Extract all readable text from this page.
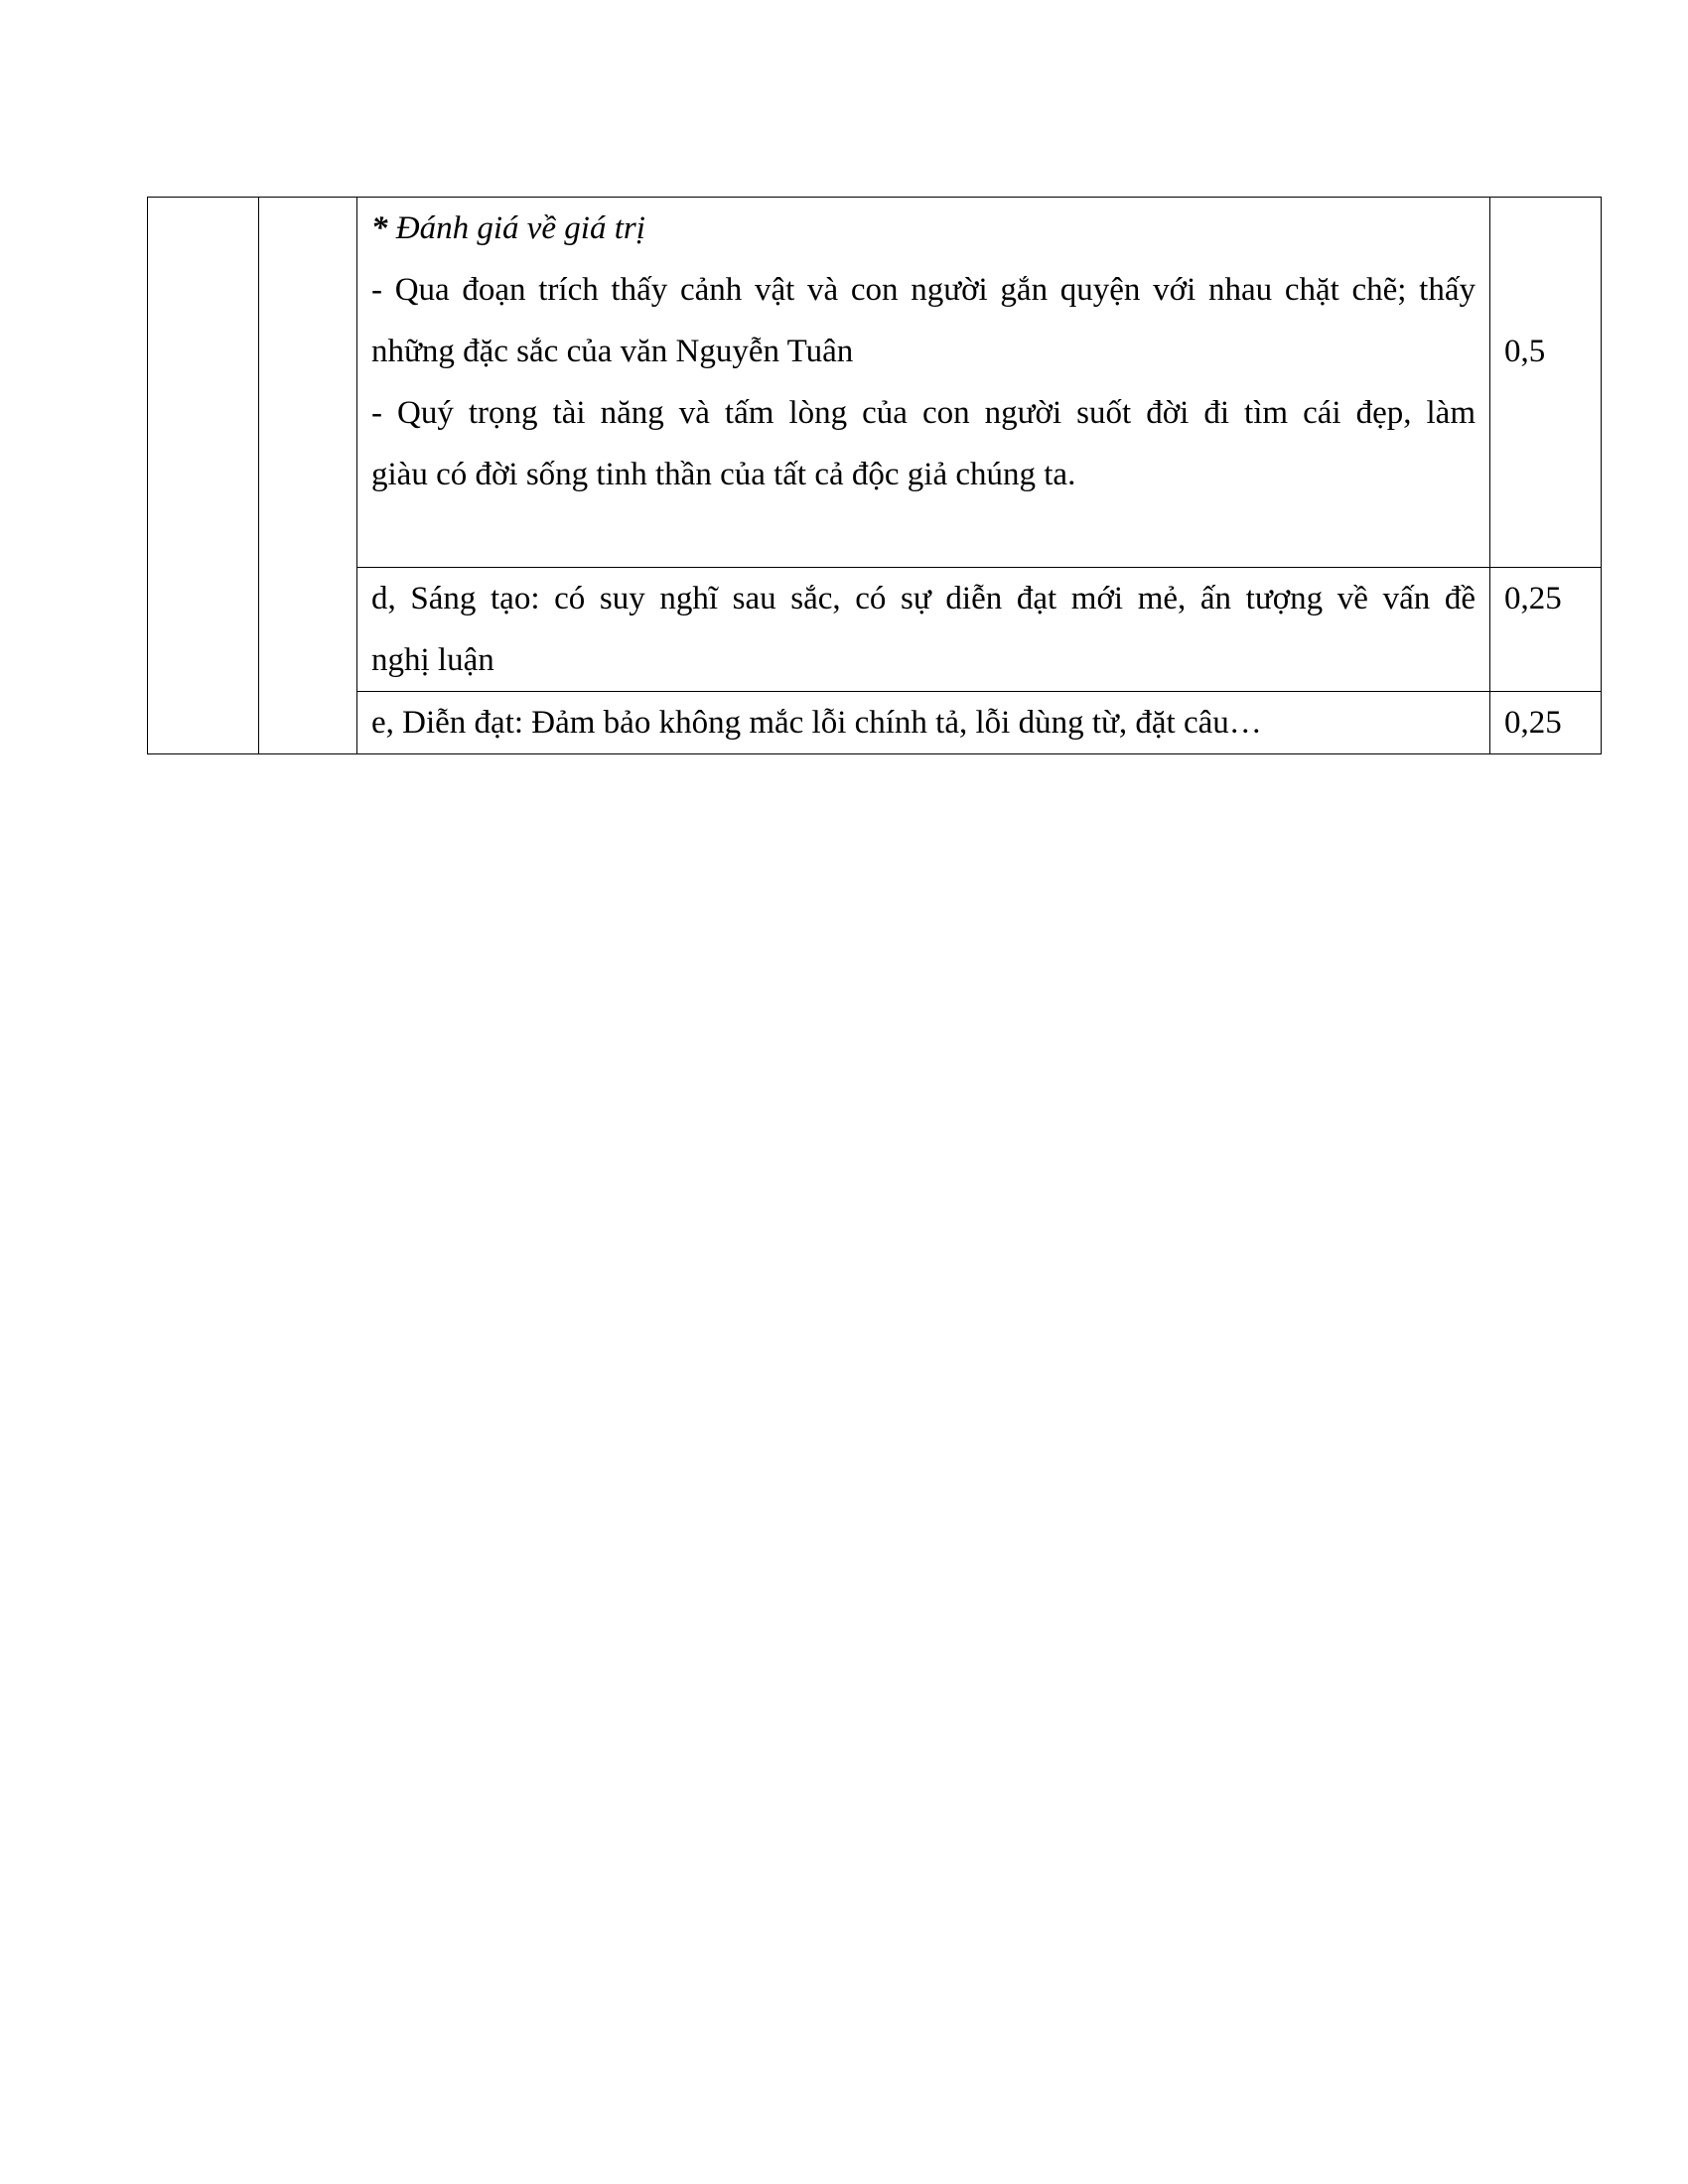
		* Đánh giá về giá trị
- Qua đoạn trích thấy cảnh vật và con người gắn quyện với nhau chặt chẽ; thấy
những đặc sắc của văn Nguyễn Tuân
- Quý trọng tài năng và tấm lòng của con người suốt đời đi tìm cái đẹp, làm
giàu có đời sống tinh thần của tất cả độc giả chúng ta.	0,5

		d, Sáng tạo: có suy nghĩ sau sắc, có sự diễn đạt mới mẻ, ấn tượng về vấn đề
nghị luận	0,25

		e, Diễn đạt: Đảm bảo không mắc lỗi chính tả, lỗi dùng từ, đặt câu…	0,25
